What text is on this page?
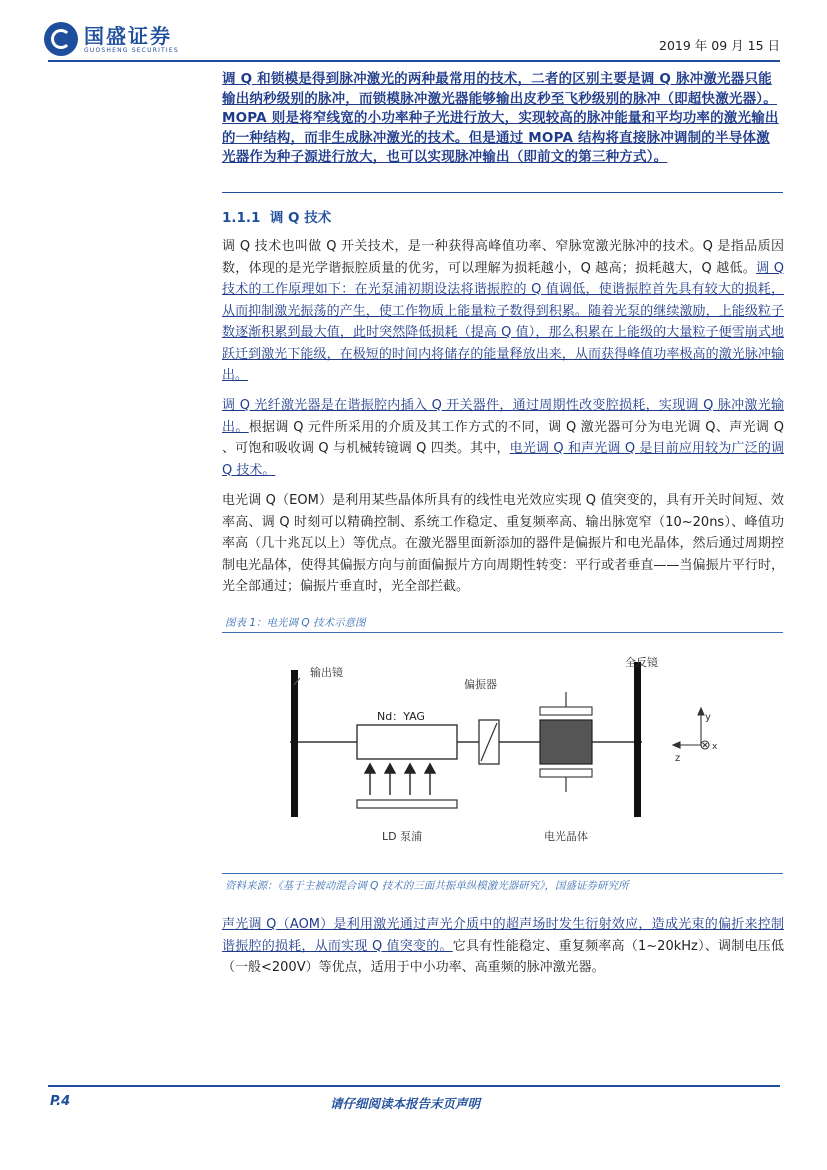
国盛证券
GUOSHENG SECURITIES	2019 年 09 月 15 日
调 Q 和锁模是得到脉冲激光的两种最常用的技术，二者的区别主要是调 Q 脉冲激光器只能输出纳秒级别的脉冲，而锁模脉冲激光器能够输出皮秒至飞秒级别的脉冲（即超快激光器）。MOPA 则是将窄线宽的小功率种子光进行放大，实现较高的脉冲能量和平均功率的激光输出的一种结构，而非生成脉冲激光的技术。但是通过 MOPA 结构将直接脉冲调制的半导体激光器作为种子源进行放大，也可以实现脉冲输出（即前文的第三种方式）。
1.1.1 调 Q 技术
调 Q 技术也叫做 Q 开关技术，是一种获得高峰值功率、窄脉宽激光脉冲的技术。Q 是指品质因数，体现的是光学谐振腔质量的优劣，可以理解为损耗越小，Q 越高；损耗越大，Q 越低。调 Q 技术的工作原理如下：在光泵浦初期设法将谐振腔的 Q 值调低，使谐振腔首先具有较大的损耗，从而抑制激光振荡的产生，使工作物质上能量粒子数得到积累。随着光泵的继续激励，上能级粒子数逐渐积累到最大值，此时突然降低损耗（提高 Q 值），那么积累在上能级的大量粒子便雪崩式地跃迁到激光下能级，在极短的时间内将储存的能量释放出来，从而获得峰值功率极高的激光脉冲输出。
调 Q 光纤激光器是在谐振腔内插入 Q 开关器件，通过周期性改变腔损耗，实现调 Q 脉冲激光输出。根据调 Q 元件所采用的介质及其工作方式的不同，调 Q 激光器可分为电光调 Q、声光调 Q 、可饱和吸收调 Q 与机械转镜调 Q 四类。其中，电光调 Q 和声光调 Q 是目前应用较为广泛的调 Q 技术。
电光调 Q（EOM）是利用某些晶体所具有的线性电光效应实现 Q 值突变的，具有开关时间短、效率高、调 Q 时刻可以精确控制、系统工作稳定、重复频率高、输出脉宽窄（10~20ns）、峰值功率高（几十兆瓦以上）等优点。在激光器里面新添加的器件是偏振片和电光晶体，然后通过周期控制电光晶体，使得其偏振方向与前面偏振片方向周期性转变：平行或者垂直——当偏振片平行时，光全部通过；偏振片垂直时，光全部拦截。
图表 1：电光调 Q 技术示意图
输出镜
Nd：YAG
LD 泵浦
偏振器
电光晶体
全反镜
y
z
x
资料来源：《基于主被动混合调 Q 技术的三面共振单纵模激光器研究》，国盛证券研究所
声光调 Q（AOM）是利用激光通过声光介质中的超声场时发生衍射效应，造成光束的偏折来控制谐振腔的损耗，从而实现 Q 值突变的。它具有性能稳定、重复频率高（1~20kHz）、调制电压低（一般<200V）等优点，适用于中小功率、高重频的脉冲激光器。
P.4	请仔细阅读本报告末页声明
